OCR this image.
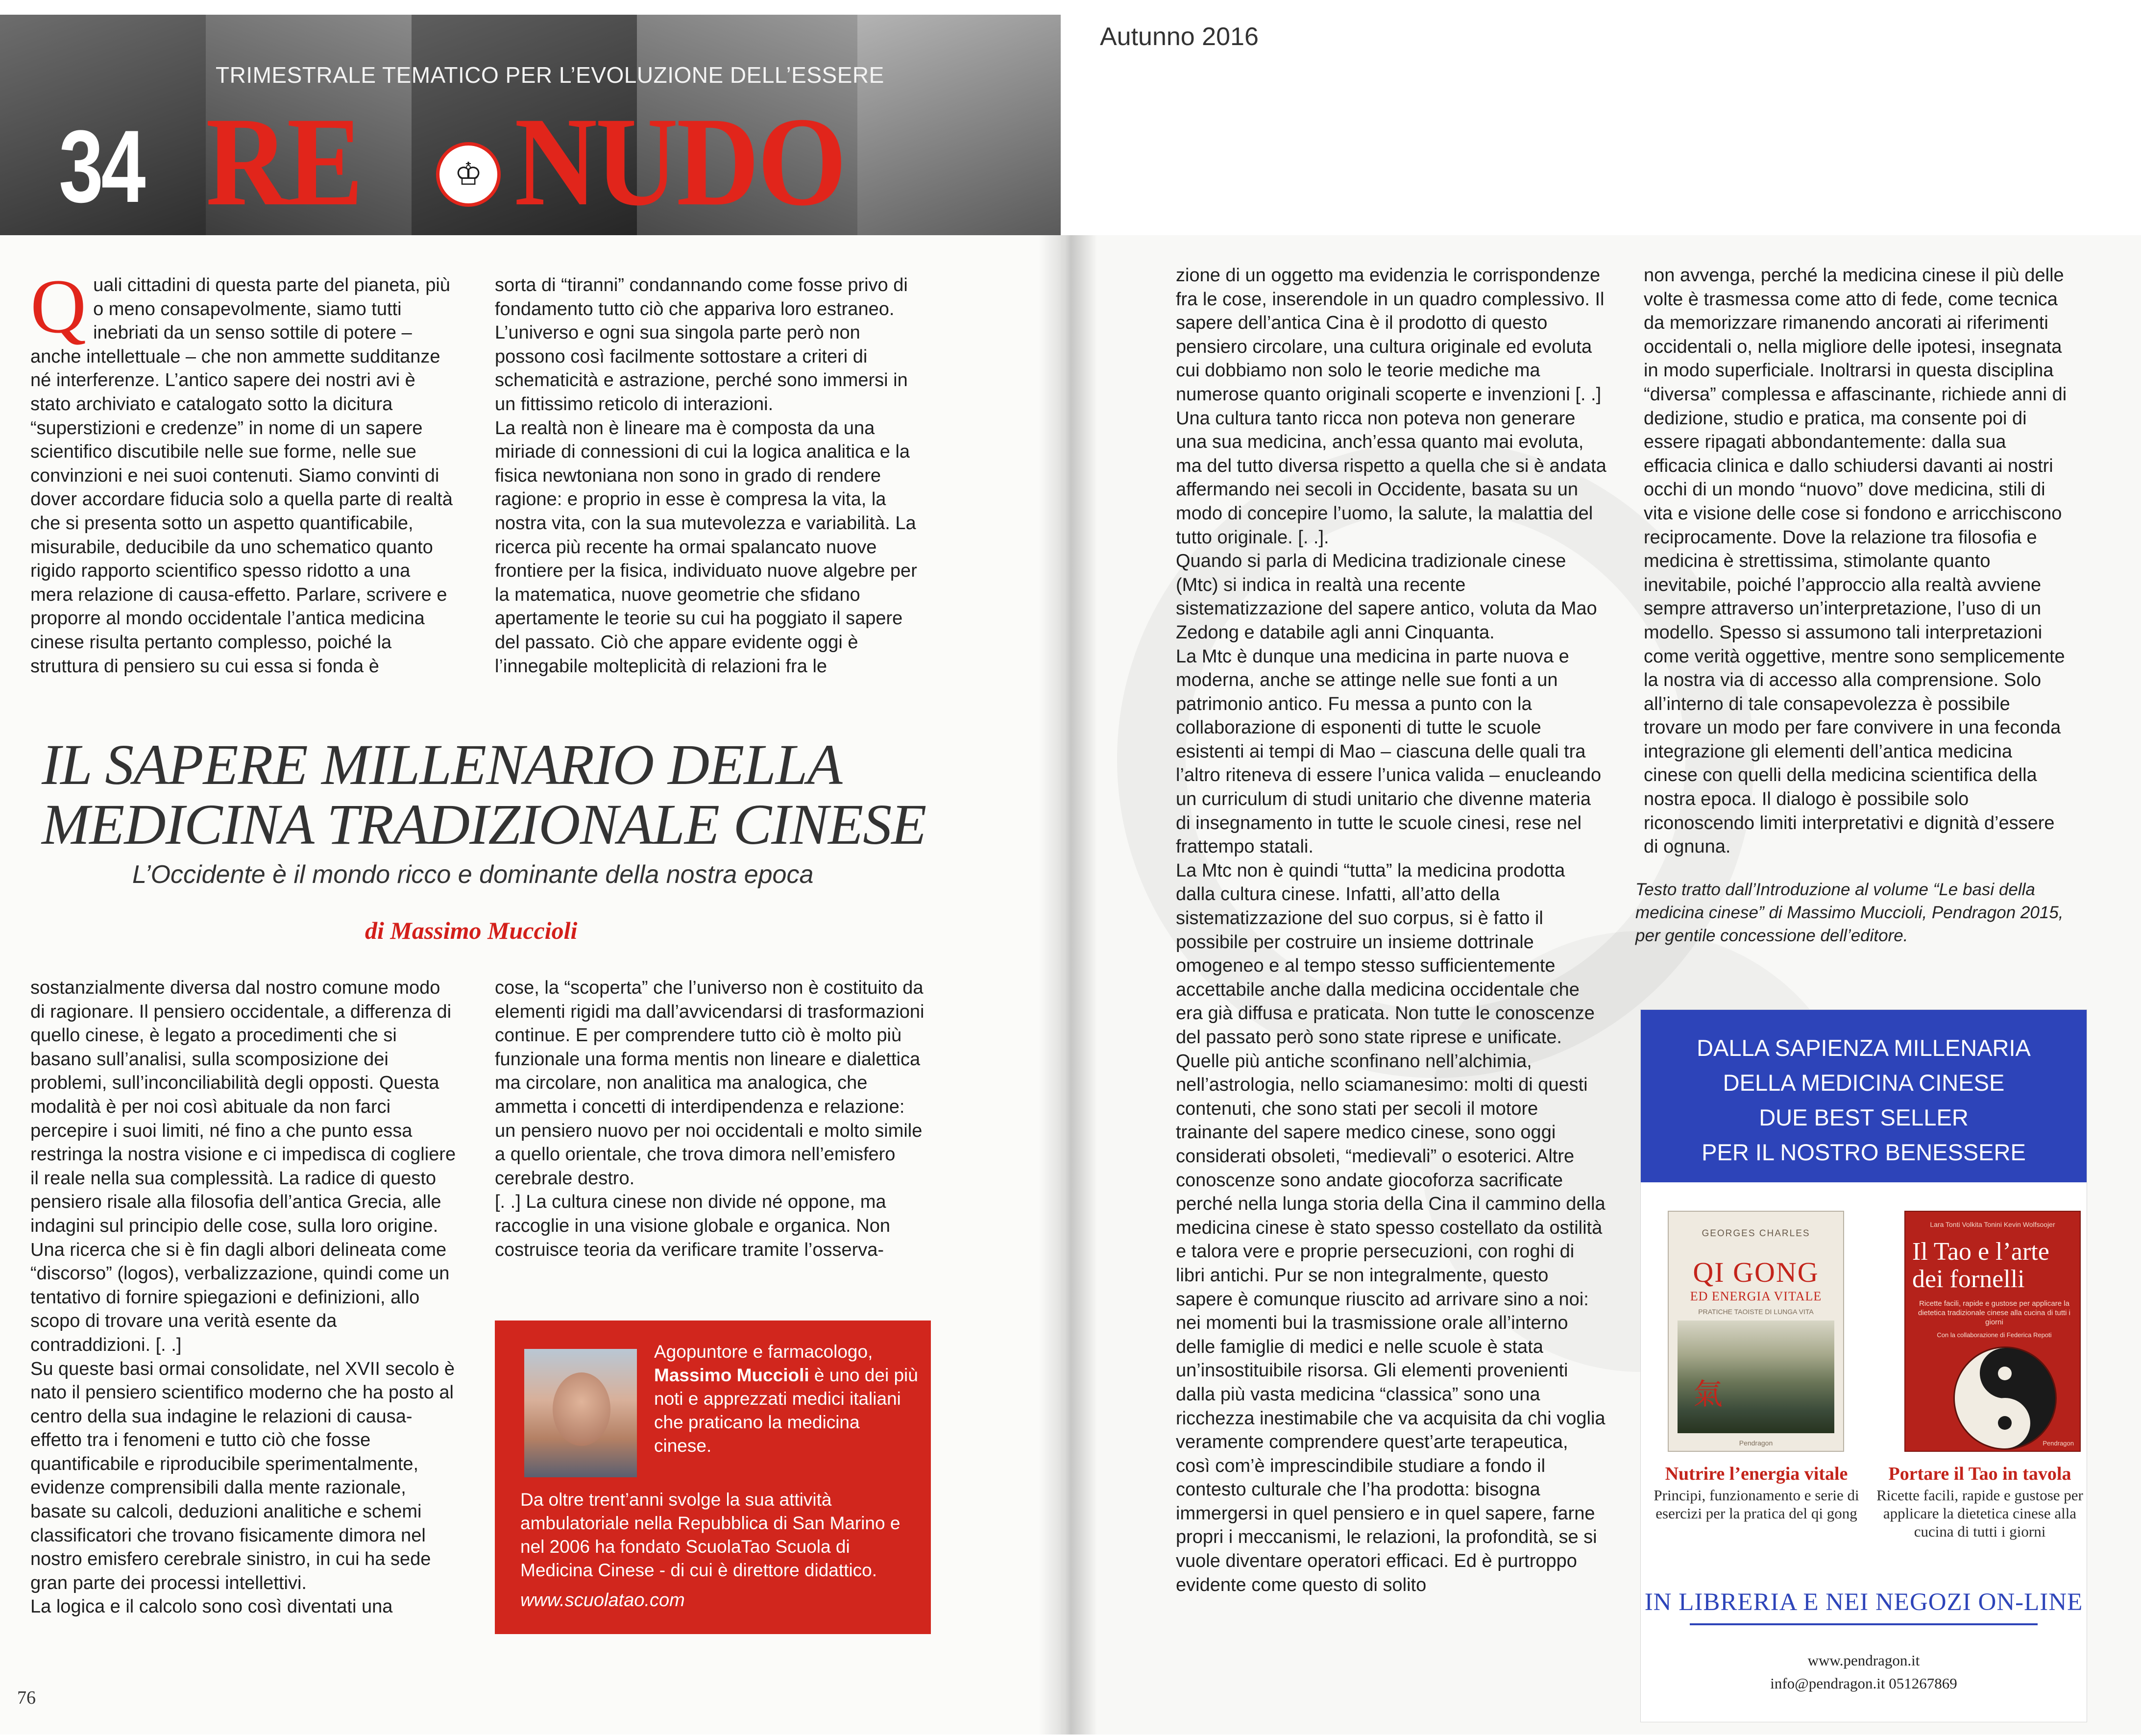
TRIMESTRALE TEMATICO PER L’EVOLUZIONE DELL’ESSERE
34 RE NUDO
♔
Autunno 2016

Quali cittadini di questa parte del pianeta, più o meno consapevolmente, siamo tutti inebriati da un senso sottile di potere – anche intellettuale – che non ammette sudditanze né interferenze. L’antico sapere dei nostri avi è stato archiviato e catalogato sotto la dicitura “superstizioni e credenze” in nome di un sapere scientifico discutibile nelle sue forme, nelle sue convinzioni e nei suoi contenuti. Siamo convinti di dover accordare fiducia solo a quella parte di realtà che si presenta sotto un aspetto quantificabile, misurabile, deducibile da uno schematico quanto rigido rapporto scientifico spesso ridotto a una mera relazione di causa-effetto. Parlare, scrivere e proporre al mondo occidentale l’antica medicina cinese risulta pertanto complesso, poiché la struttura di pensiero su cui essa si fonda è

sorta di “tiranni” condannando come fosse privo di fondamento tutto ciò che appariva loro estraneo. L’universo e ogni sua singola parte però non possono così facilmente sottostare a criteri di schematicità e astrazione, perché sono immersi in un fittissimo reticolo di interazioni.

La realtà non è lineare ma è composta da una miriade di connessioni di cui la logica analitica e la fisica newtoniana non sono in grado di rendere ragione: e proprio in esse è compresa la vita, la nostra vita, con la sua mutevolezza e variabilità. La ricerca più recente ha ormai spalancato nuove frontiere per la fisica, individuato nuove algebre per la matematica, nuove geometrie che sfidano apertamente le teorie su cui ha poggiato il sapere del passato. Ciò che appare evidente oggi è l’innegabile molteplicità di relazioni fra le

IL SAPERE MILLENARIO DELLA MEDICINA TRADIZIONALE CINESE
L’Occidente è il mondo ricco e dominante della nostra epoca
di Massimo Muccioli

sostanzialmente diversa dal nostro comune modo di ragionare. Il pensiero occidentale, a differenza di quello cinese, è legato a procedimenti che si basano sull’analisi, sulla scomposizione dei problemi, sull’inconciliabilità degli opposti. Questa modalità è per noi così abituale da non farci percepire i suoi limiti, né fino a che punto essa restringa la nostra visione e ci impedisca di cogliere il reale nella sua complessità. La radice di questo pensiero risale alla filosofia dell’antica Grecia, alle indagini sul principio delle cose, sulla loro origine. Una ricerca che si è fin dagli albori delineata come “discorso” (logos), verbalizzazione, quindi come un tentativo di fornire spiegazioni e definizioni, allo scopo di trovare una verità esente da contraddizioni. [. .]

Su queste basi ormai consolidate, nel XVII secolo è nato il pensiero scientifico moderno che ha posto al centro della sua indagine le relazioni di causa-effetto tra i fenomeni e tutto ciò che fosse quantificabile e riproducibile sperimentalmente, evidenze comprensibili dalla mente razionale, basate su calcoli, deduzioni analitiche e schemi classificatori che trovano fisicamente dimora nel nostro emisfero cerebrale sinistro, in cui ha sede gran parte dei processi intellettivi.

La logica e il calcolo sono così diventati una

cose, la “scoperta” che l’universo non è costituito da elementi rigidi ma dall’avvicendarsi di trasformazioni continue. E per comprendere tutto ciò è molto più funzionale una forma mentis non lineare e dialettica ma circolare, non analitica ma analogica, che ammetta i concetti di interdipendenza e relazione: un pensiero nuovo per noi occidentali e molto simile a quello orientale, che trova dimora nell’emisfero cerebrale destro.

[. .] La cultura cinese non divide né oppone, ma raccoglie in una visione globale e organica. Non costruisce teoria da verificare tramite l’osserva-

Agopuntore e farmacologo, Massimo Muccioli è uno dei più noti e apprezzati medici italiani che praticano la medicina cinese.
Da oltre trent’anni svolge la sua attività ambulatoriale nella Repubblica di San Marino e nel 2006 ha fondato ScuolaTao Scuola di Medicina Cinese - di cui è direttore didattico.
www.scuolatao.com
76

zione di un oggetto ma evidenzia le corrispondenze fra le cose, inserendole in un quadro complessivo. Il sapere dell’antica Cina è il prodotto di questo pensiero circolare, una cultura originale ed evoluta cui dobbiamo non solo le teorie mediche ma numerose quanto originali scoperte e invenzioni [. .]

Una cultura tanto ricca non poteva non generare una sua medicina, anch’essa quanto mai evoluta, ma del tutto diversa rispetto a quella che si è andata affermando nei secoli in Occidente, basata su un modo di concepire l’uomo, la salute, la malattia del tutto originale. [. .].

Quando si parla di Medicina tradizionale cinese (Mtc) si indica in realtà una recente sistematizzazione del sapere antico, voluta da Mao Zedong e databile agli anni Cinquanta.

La Mtc è dunque una medicina in parte nuova e moderna, anche se attinge nelle sue fonti a un patrimonio antico. Fu messa a punto con la collaborazione di esponenti di tutte le scuole esistenti ai tempi di Mao – ciascuna delle quali tra l’altro riteneva di essere l’unica valida – enucleando un curriculum di studi unitario che divenne materia di insegnamento in tutte le scuole cinesi, rese nel frattempo statali.

La Mtc non è quindi “tutta” la medicina prodotta dalla cultura cinese. Infatti, all’atto della sistematizzazione del suo corpus, si è fatto il possibile per costruire un insieme dottrinale omogeneo e al tempo stesso sufficientemente accettabile anche dalla medicina occidentale che era già diffusa e praticata. Non tutte le conoscenze del passato però sono state riprese e unificate. Quelle più antiche sconfinano nell’alchimia, nell’astrologia, nello sciamanesimo: molti di questi contenuti, che sono stati per secoli il motore trainante del sapere medico cinese, sono oggi considerati obsoleti, “medievali” o esoterici. Altre conoscenze sono andate giocoforza sacrificate perché nella lunga storia della Cina il cammino della medicina cinese è stato spesso costellato da ostilità e talora vere e proprie persecuzioni, con roghi di libri antichi. Pur se non integralmente, questo sapere è comunque riuscito ad arrivare sino a noi: nei momenti bui la trasmissione orale all’interno delle famiglie di medici e nelle scuole è stata un’insostituibile risorsa. Gli elementi provenienti dalla più vasta medicina “classica” sono una ricchezza inestimabile che va acquisita da chi voglia veramente comprendere quest’arte terapeutica, così com’è imprescindibile studiare a fondo il contesto culturale che l’ha prodotta: bisogna immergersi in quel pensiero e in quel sapere, farne propri i meccanismi, le relazioni, la profondità, se si vuole diventare operatori efficaci. Ed è purtroppo evidente come questo di solito

non avvenga, perché la medicina cinese il più delle volte è trasmessa come atto di fede, come tecnica da memorizzare rimanendo ancorati ai riferimenti occidentali o, nella migliore delle ipotesi, insegnata in modo superficiale. Inoltrarsi in questa disciplina “diversa” complessa e affascinante, richiede anni di dedizione, studio e pratica, ma consente poi di essere ripagati abbondantemente: dalla sua efficacia clinica e dallo schiudersi davanti ai nostri occhi di un mondo “nuovo” dove medicina, stili di vita e visione delle cose si fondono e arricchiscono reciprocamente. Dove la relazione tra filosofia e medicina è strettissima, stimolante quanto inevitabile, poiché l’approccio alla realtà avviene sempre attraverso un’interpretazione, l’uso di un modello. Spesso si assumono tali interpretazioni come verità oggettive, mentre sono semplicemente la nostra via di accesso alla comprensione. Solo all’interno di tale consapevolezza è possibile trovare un modo per fare convivere in una feconda integrazione gli elementi dell’antica medicina cinese con quelli della medicina scientifica della nostra epoca. Il dialogo è possibile solo riconoscendo limiti interpretativi e dignità d’essere di ognuna.

Testo tratto dall’Introduzione al volume “Le basi della medicina cinese” di Massimo Muccioli, Pendragon 2015, per gentile concessione dell’editore.
DALLA SAPIENZA MILLENARIA
DELLA MEDICINA CINESE
DUE BEST SELLER
PER IL NOSTRO BENESSERE
GEORGES CHARLES
QI GONG
ED ENERGIA VITALE
PRATICHE TAOISTE DI LUNGA VITA
氣
Pendragon
Lara Tonti Volkita Tonini Kevin Wolfsoojer
Il Tao e l’arte dei fornelli
Ricette facili, rapide e gustose per applicare la dietetica tradizionale cinese alla cucina di tutti i giorni
Con la collaborazione di Federica Repoti
Pendragon
Nutrire l’energia vitale
Principi, funzionamento e serie di esercizi per la pratica del qi gong
Portare il Tao in tavola
Ricette facili, rapide e gustose per applicare la dietetica cinese alla cucina di tutti i giorni
IN LIBRERIA E NEI NEGOZI ON-LINE
www.pendragon.it
info@pendragon.it 051267869
